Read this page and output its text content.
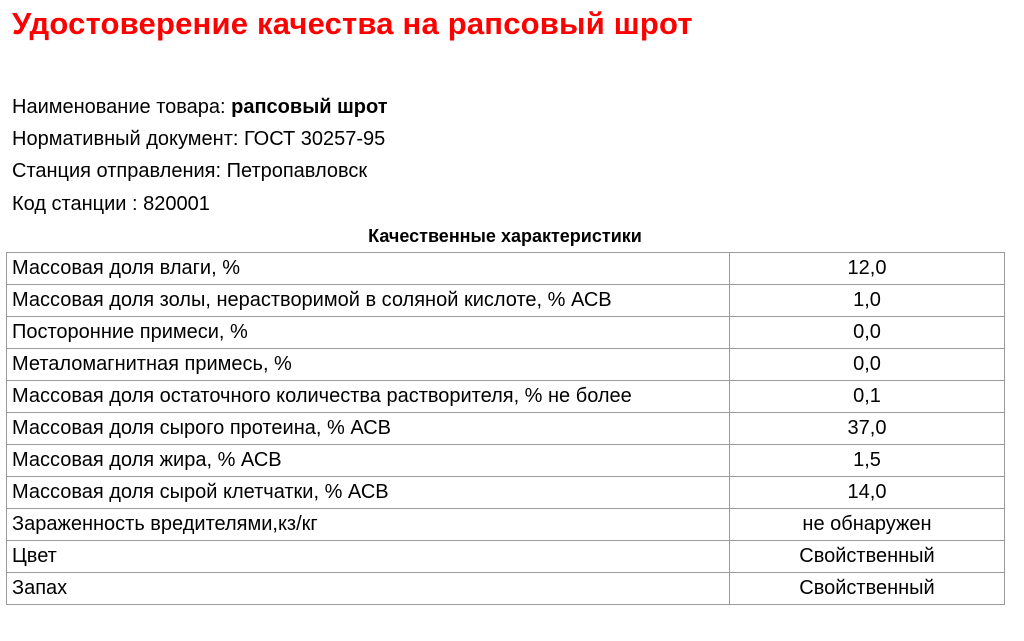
Удостоверение качества на рапсовый шрот
Наименование товара: рапсовый шрот
Нормативный документ: ГОСТ 30257-95
Станция отправления: Петропавловск
Код станции : 820001
Качественные характеристики
Массовая доля влаги, %	12,0
Массовая доля золы, нерастворимой в соляной кислоте, % АСВ	1,0
Посторонние примеси, %	0,0
Металомагнитная примесь, %	0,0
Массовая доля остаточного количества растворителя, % не более	0,1
Массовая доля сырого протеина, % АСВ	37,0
Массовая доля жира, % АСВ	1,5
Массовая доля сырой клетчатки, % АСВ	14,0
Зараженность вредителями,кз/кг	не обнаружен
Цвет	Свойственный
Запах	Свойственный
